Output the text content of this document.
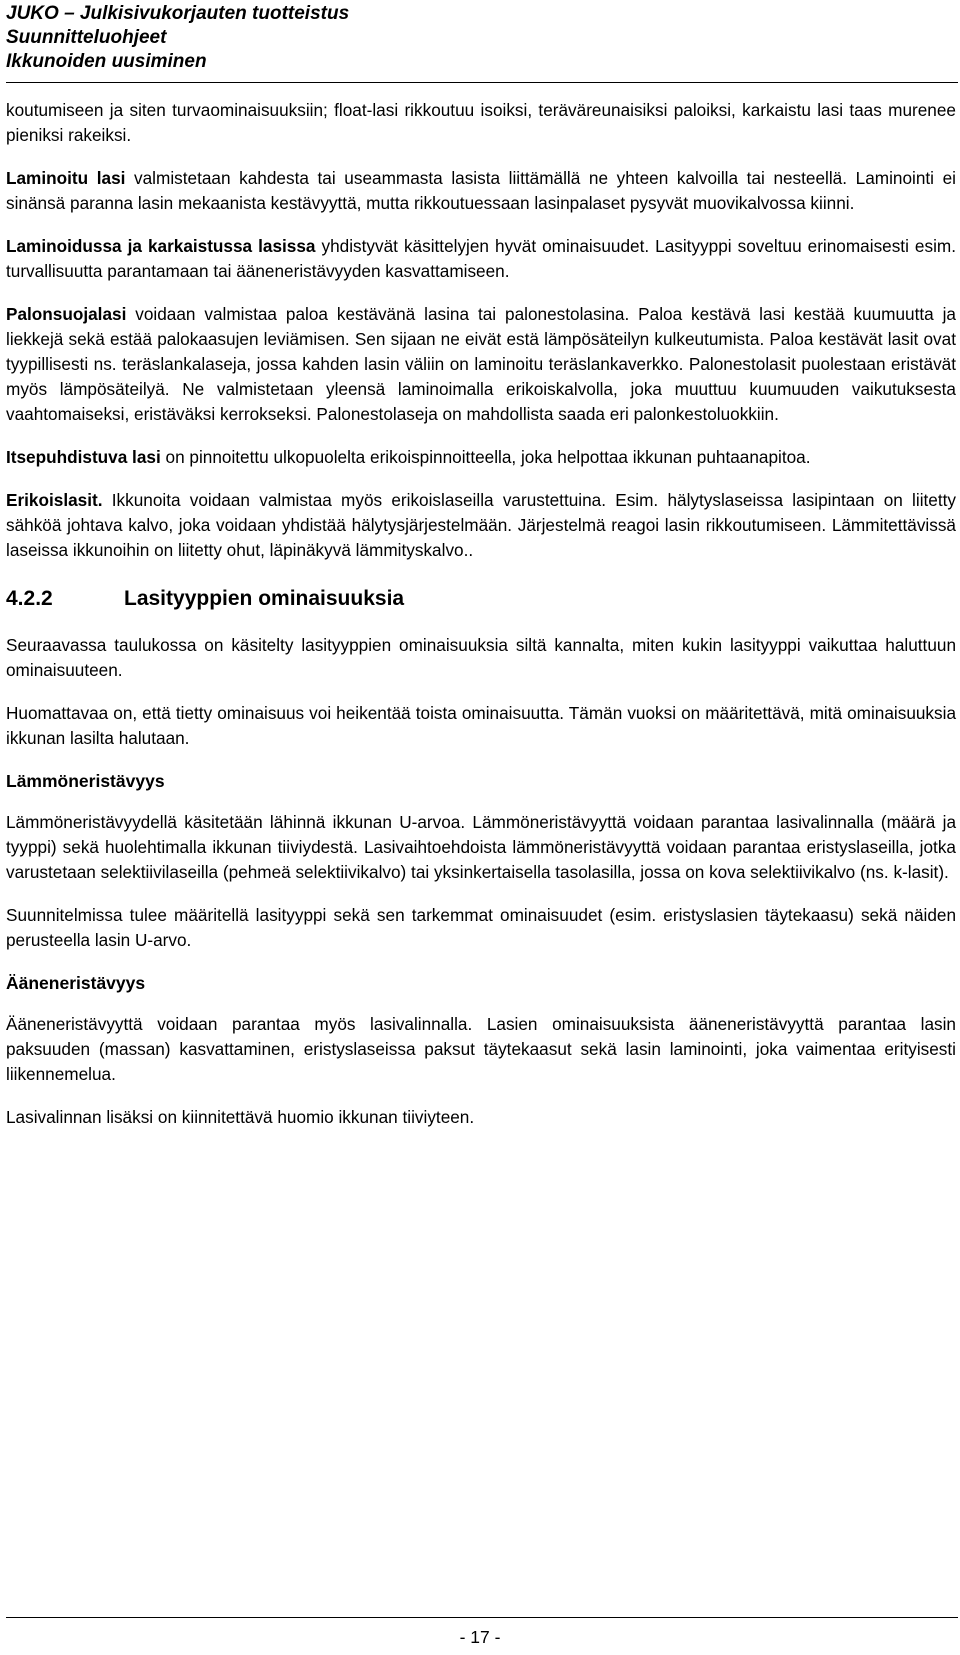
JUKO – Julkisivukorjauten tuotteistus
Suunnitteluohjeet
Ikkunoiden uusiminen

koutumiseen ja siten turvaominaisuuksiin; float-lasi rikkoutuu isoiksi, teräväreunaisiksi paloiksi, karkaistu lasi taas murenee pieniksi rakeiksi.

Laminoitu lasi valmistetaan kahdesta tai useammasta lasista liittämällä ne yhteen kalvoilla tai nesteellä. Laminointi ei sinänsä paranna lasin mekaanista kestävyyttä, mutta rikkoutuessaan lasinpalaset pysyvät muovikalvossa kiinni.

Laminoidussa ja karkaistussa lasissa yhdistyvät käsittelyjen hyvät ominaisuudet. Lasityyppi soveltuu erinomaisesti esim. turvallisuutta parantamaan tai ääneneristävyyden kasvattamiseen.

Palonsuojalasi voidaan valmistaa paloa kestävänä lasina tai palonestolasina. Paloa kestävä lasi kestää kuumuutta ja liekkejä sekä estää palokaasujen leviämisen. Sen sijaan ne eivät estä lämpösäteilyn kulkeutumista. Paloa kestävät lasit ovat tyypillisesti ns. teräslankalaseja, jossa kahden lasin väliin on laminoitu teräslankaverkko. Palonestolasit puolestaan eristävät myös lämpösäteilyä. Ne valmistetaan yleensä laminoimalla erikoiskalvolla, joka muuttuu kuumuuden vaikutuksesta vaahtomaiseksi, eristäväksi kerrokseksi. Palonestolaseja on mahdollista saada eri palonkestoluokkiin.

Itsepuhdistuva lasi on pinnoitettu ulkopuolelta erikoispinnoitteella, joka helpottaa ikkunan puhtaanapitoa.

Erikoislasit. Ikkunoita voidaan valmistaa myös erikoislaseilla varustettuina. Esim. hälytyslaseissa lasipintaan on liitetty sähköä johtava kalvo, joka voidaan yhdistää hälytysjärjestelmään. Järjestelmä reagoi lasin rikkoutumiseen. Lämmitettävissä laseissa ikkunoihin on liitetty ohut, läpinäkyvä lämmityskalvo..

4.2.2	Lasityyppien ominaisuuksia

Seuraavassa taulukossa on käsitelty lasityyppien ominaisuuksia siltä kannalta, miten kukin lasityyppi vaikuttaa haluttuun ominaisuuteen.

Huomattavaa on, että tietty ominaisuus voi heikentää toista ominaisuutta. Tämän vuoksi on määritettävä, mitä ominaisuuksia ikkunan lasilta halutaan.

Lämmöneristävyys

Lämmöneristävyydellä käsitetään lähinnä ikkunan U-arvoa. Lämmöneristävyyttä voidaan parantaa lasivalinnalla (määrä ja tyyppi) sekä huolehtimalla ikkunan tiiviydestä. Lasivaihtoehdoista lämmöneristävyyttä voidaan parantaa eristyslaseilla, jotka varustetaan selektiivilaseilla (pehmeä selektiivikalvo) tai yksinkertaisella tasolasilla, jossa on kova selektiivikalvo (ns. k-lasit).

Suunnitelmissa tulee määritellä lasityyppi sekä sen tarkemmat ominaisuudet (esim. eristyslasien täytekaasu) sekä näiden perusteella lasin U-arvo.

Ääneneristävyys

Ääneneristävyyttä voidaan parantaa myös lasivalinnalla. Lasien ominaisuuksista ääneneristävyyttä parantaa lasin paksuuden (massan) kasvattaminen, eristyslaseissa paksut täytekaasut sekä lasin laminointi, joka vaimentaa erityisesti liikennemelua.

Lasivalinnan lisäksi on kiinnitettävä huomio ikkunan tiiviyteen.

- 17 -
